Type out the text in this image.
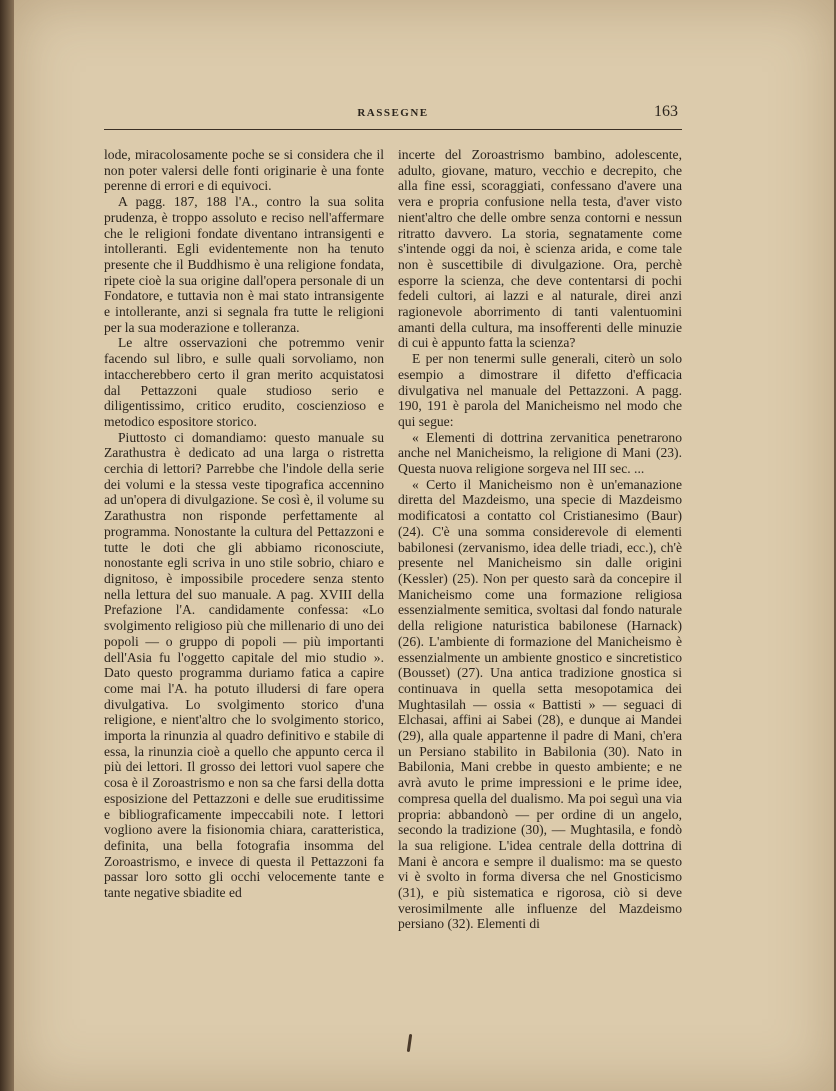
RASSEGNE	163

lode, miracolosamente poche se si considera che il non poter valersi delle fonti originarie è una fonte perenne di errori e di equivoci.

A pagg. 187, 188 l'A., contro la sua solita prudenza, è troppo assoluto e reciso nell'affermare che le religioni fondate diventano intransigenti e intolleranti. Egli evidentemente non ha tenuto presente che il Buddhismo è una religione fondata, ripete cioè la sua origine dall'opera personale di un Fondatore, e tuttavia non è mai stato intransigente e intollerante, anzi si segnala fra tutte le religioni per la sua moderazione e tolleranza.

Le altre osservazioni che potremmo venir facendo sul libro, e sulle quali sorvoliamo, non intaccherebbero certo il gran merito acquistatosi dal Pettazzoni quale studioso serio e diligentissimo, critico erudito, coscienzioso e metodico espositore storico.

Piuttosto ci domandiamo: questo manuale su Zarathustra è dedicato ad una larga o ristretta cerchia di lettori? Parrebbe che l'indole della serie dei volumi e la stessa veste tipografica accennino ad un'opera di divulgazione. Se così è, il volume su Zarathustra non risponde perfettamente al programma. Nonostante la cultura del Pettazzoni e tutte le doti che gli abbiamo riconosciute, nonostante egli scriva in uno stile sobrio, chiaro e dignitoso, è impossibile procedere senza stento nella lettura del suo manuale. A pag. XVIII della Prefazione l'A. candidamente confessa: «Lo svolgimento religioso più che millenario di uno dei popoli — o gruppo di popoli — più importanti dell'Asia fu l'oggetto capitale del mio studio ». Dato questo programma duriamo fatica a capire come mai l'A. ha potuto illudersi di fare opera divulgativa. Lo svolgimento storico d'una religione, e nient'altro che lo svolgimento storico, importa la rinunzia al quadro definitivo e stabile di essa, la rinunzia cioè a quello che appunto cerca il più dei lettori. Il grosso dei lettori vuol sapere che cosa è il Zoroastrismo e non sa che farsi della dotta esposizione del Pettazzoni e delle sue eruditissime e bibliograficamente impeccabili note. I lettori vogliono avere la fisionomia chiara, caratteristica, definita, una bella fotografia insomma del Zoroastrismo, e invece di questa il Pettazzoni fa passar loro sotto gli occhi velocemente tante e tante negative sbiadite ed

incerte del Zoroastrismo bambino, adolescente, adulto, giovane, maturo, vecchio e decrepito, che alla fine essi, scoraggiati, confessano d'avere una vera e propria confusione nella testa, d'aver visto nient'altro che delle ombre senza contorni e nessun ritratto davvero. La storia, segnatamente come s'intende oggi da noi, è scienza arida, e come tale non è suscettibile di divulgazione. Ora, perchè esporre la scienza, che deve contentarsi di pochi fedeli cultori, ai lazzi e al naturale, direi anzi ragionevole aborrimento di tanti valentuomini amanti della cultura, ma insofferenti delle minuzie di cui è appunto fatta la scienza?

E per non tenermi sulle generali, citerò un solo esempio a dimostrare il difetto d'efficacia divulgativa nel manuale del Pettazzoni. A pagg. 190, 191 è parola del Manicheismo nel modo che qui segue:

« Elementi di dottrina zervanitica penetrarono anche nel Manicheismo, la religione di Mani (23). Questa nuova religione sorgeva nel III sec. ...

« Certo il Manicheismo non è un'emanazione diretta del Mazdeismo, una specie di Mazdeismo modificatosi a contatto col Cristianesimo (Baur) (24). C'è una somma considerevole di elementi babilonesi (zervanismo, idea delle triadi, ecc.), ch'è presente nel Manicheismo sin dalle origini (Kessler) (25). Non per questo sarà da concepire il Manicheismo come una formazione religiosa essenzialmente semitica, svoltasi dal fondo naturale della religione naturistica babilonese (Harnack) (26). L'ambiente di formazione del Manicheismo è essenzialmente un ambiente gnostico e sincretistico (Bousset) (27). Una antica tradizione gnostica si continuava in quella setta mesopotamica dei Mughtasilah — ossia « Battisti » — seguaci di Elchasai, affini ai Sabei (28), e dunque ai Mandei (29), alla quale appartenne il padre di Mani, ch'era un Persiano stabilito in Babilonia (30). Nato in Babilonia, Mani crebbe in questo ambiente; e ne avrà avuto le prime impressioni e le prime idee, compresa quella del dualismo. Ma poi seguì una via propria: abbandonò — per ordine di un angelo, secondo la tradizione (30), — Mughtasila, e fondò la sua religione. L'idea centrale della dottrina di Mani è ancora e sempre il dualismo: ma se questo vi è svolto in forma diversa che nel Gnosticismo (31), e più sistematica e rigorosa, ciò si deve verosimilmente alle influenze del Mazdeismo persiano (32). Elementi di
